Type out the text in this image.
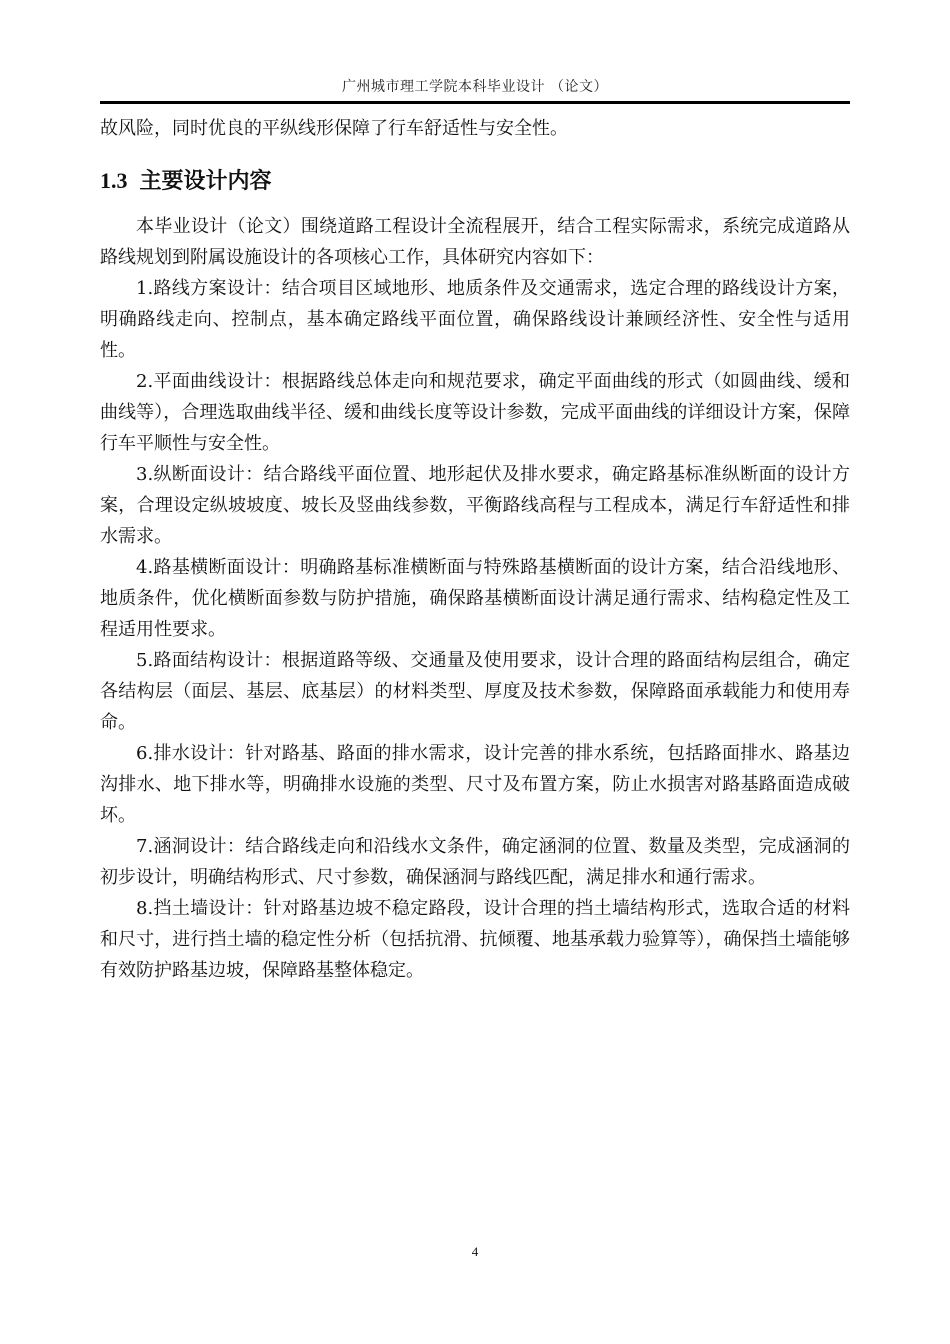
广州城市理工学院本科毕业设计 （论文）

故风险，同时优良的平纵线形保障了行车舒适性与安全性。

1.3 主要设计内容

本毕业设计（论文）围绕道路工程设计全流程展开，结合工程实际需求，系统完成道路从路线规划到附属设施设计的各项核心工作，具体研究内容如下：

1.路线方案设计：结合项目区域地形、地质条件及交通需求，选定合理的路线设计方案，明确路线走向、控制点，基本确定路线平面位置，确保路线设计兼顾经济性、安全性与适用性。

2.平面曲线设计：根据路线总体走向和规范要求，确定平面曲线的形式（如圆曲线、缓和曲线等），合理选取曲线半径、缓和曲线长度等设计参数，完成平面曲线的详细设计方案，保障行车平顺性与安全性。

3.纵断面设计：结合路线平面位置、地形起伏及排水要求，确定路基标准纵断面的设计方案，合理设定纵坡坡度、坡长及竖曲线参数，平衡路线高程与工程成本，满足行车舒适性和排水需求。

4.路基横断面设计：明确路基标准横断面与特殊路基横断面的设计方案，结合沿线地形、地质条件，优化横断面参数与防护措施，确保路基横断面设计满足通行需求、结构稳定性及工程适用性要求。

5.路面结构设计：根据道路等级、交通量及使用要求，设计合理的路面结构层组合，确定各结构层（面层、基层、底基层）的材料类型、厚度及技术参数，保障路面承载能力和使用寿命。

6.排水设计：针对路基、路面的排水需求，设计完善的排水系统，包括路面排水、路基边沟排水、地下排水等，明确排水设施的类型、尺寸及布置方案，防止水损害对路基路面造成破坏。

7.涵洞设计：结合路线走向和沿线水文条件，确定涵洞的位置、数量及类型，完成涵洞的初步设计，明确结构形式、尺寸参数，确保涵洞与路线匹配，满足排水和通行需求。

8.挡土墙设计：针对路基边坡不稳定路段，设计合理的挡土墙结构形式，选取合适的材料和尺寸，进行挡土墙的稳定性分析（包括抗滑、抗倾覆、地基承载力验算等），确保挡土墙能够有效防护路基边坡，保障路基整体稳定。

4
